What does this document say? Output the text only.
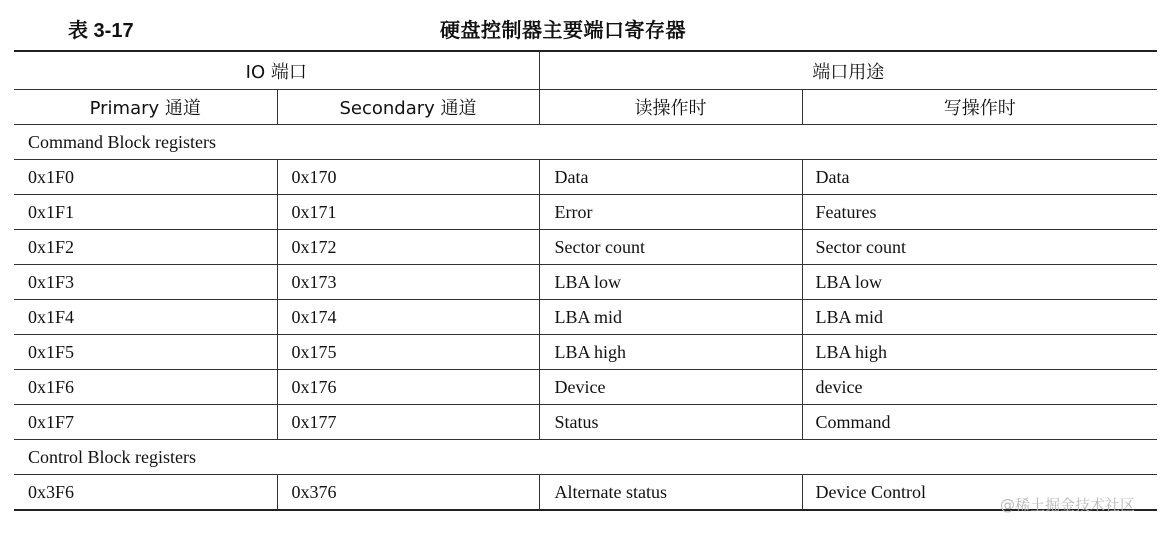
表 3-17	硬盘控制器主要端口寄存器
IO 端口		端口用途	
Primary 通道	Secondary 通道	读操作时	写操作时
Command Block registers			
0x1F0	0x170	Data	Data
0x1F1	0x171	Error	Features
0x1F2	0x172	Sector count	Sector count
0x1F3	0x173	LBA low	LBA low
0x1F4	0x174	LBA mid	LBA mid
0x1F5	0x175	LBA high	LBA high
0x1F6	0x176	Device	device
0x1F7	0x177	Status	Command
Control Block registers			
0x3F6	0x376	Alternate status	Device Control
@稀土掘金技术社区
